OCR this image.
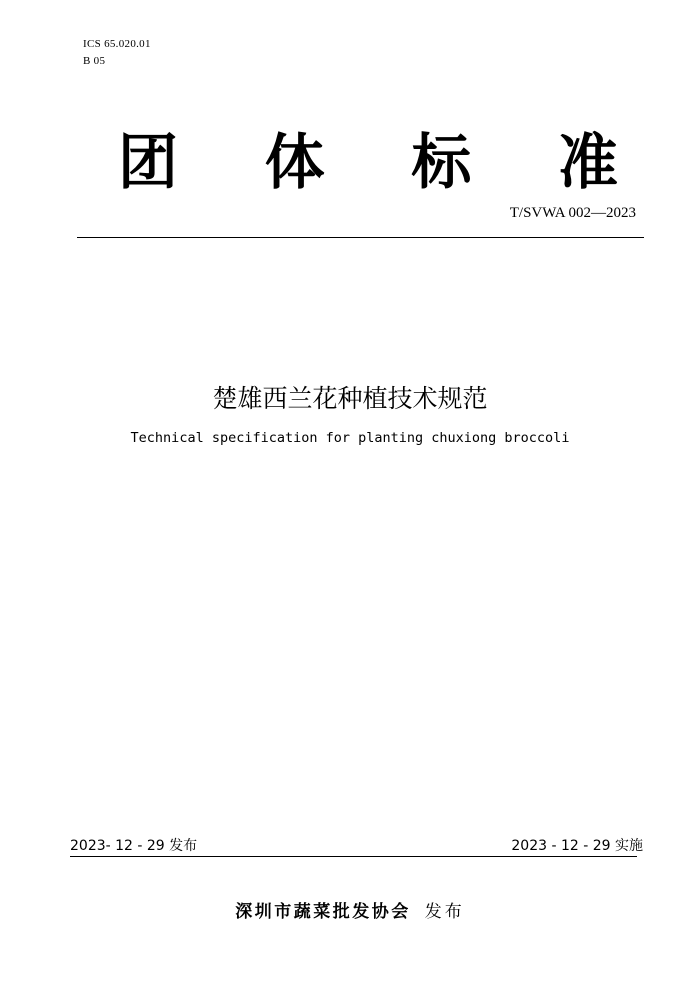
ICS 65.020.01
B 05
团 体 标 准
T/SVWA 002—2023
楚雄西兰花种植技术规范
Technical specification for planting chuxiong broccoli
2023- 12 - 29 发布	2023 - 12 - 29 实施
深圳市蔬菜批发协会 发布
